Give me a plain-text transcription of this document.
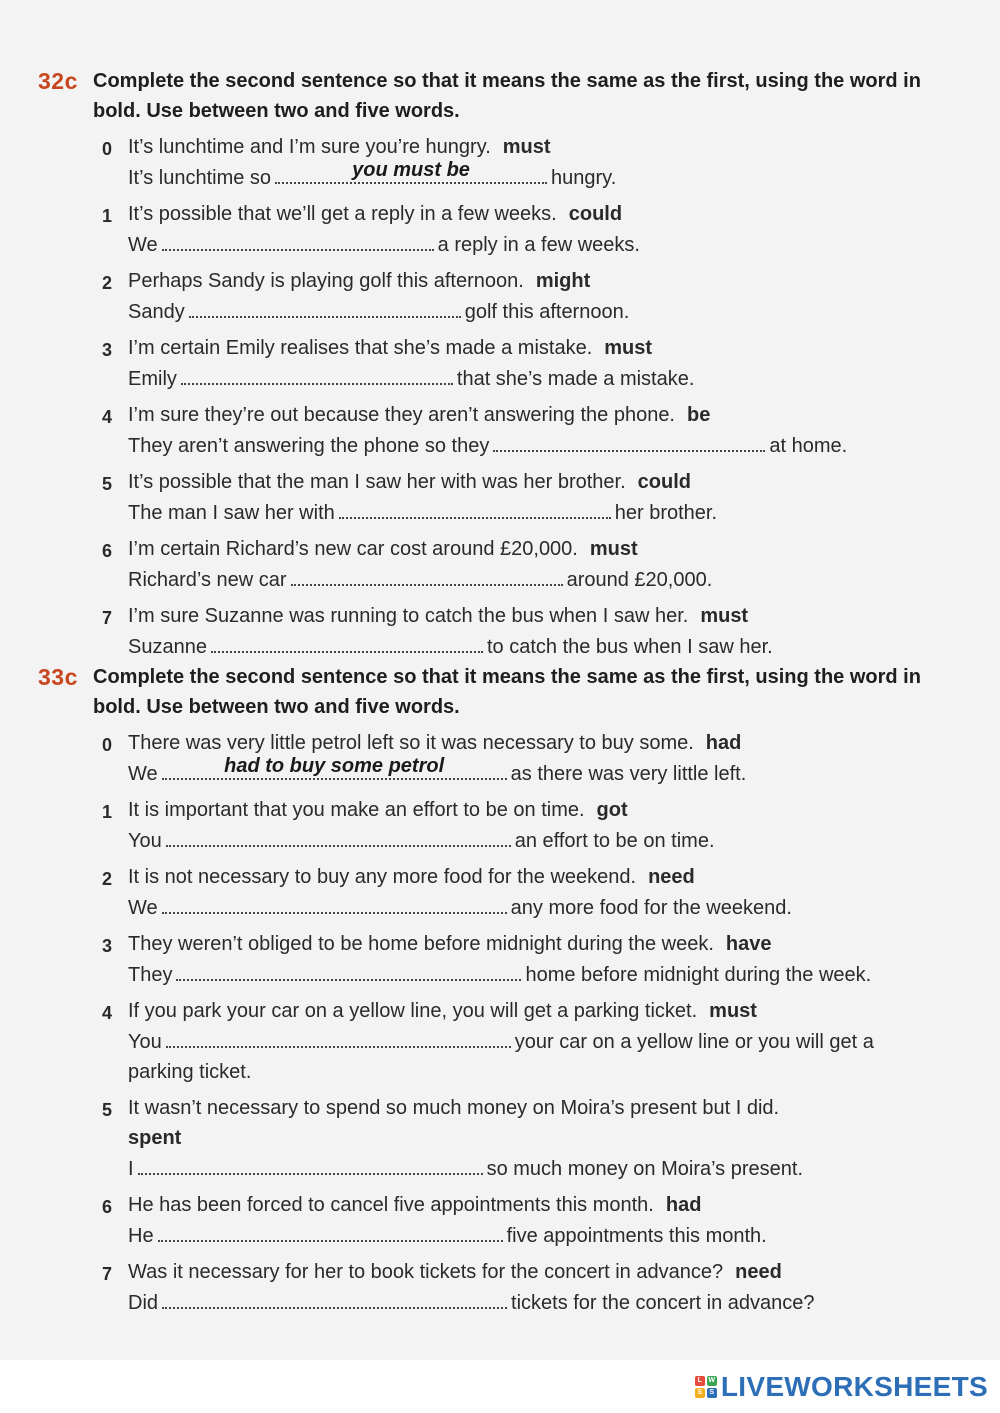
32c Complete the second sentence so that it means the same as the first, using the word in bold. Use between two and five words.
0 It’s lunchtime and I’m sure you’re hungry. must
It’s lunchtime so	you must be	hungry.
1 It’s possible that we’ll get a reply in a few weeks. could
We	a reply in a few weeks.
2 Perhaps Sandy is playing golf this afternoon. might
Sandy	golf this afternoon.
3 I’m certain Emily realises that she’s made a mistake. must
Emily	that she’s made a mistake.
4 I’m sure they’re out because they aren’t answering the phone. be
They aren’t answering the phone so they	at home.
5 It’s possible that the man I saw her with was her brother. could
The man I saw her with	her brother.
6 I’m certain Richard’s new car cost around £20,000. must
Richard’s new car	around £20,000.
7 I’m sure Suzanne was running to catch the bus when I saw her. must
Suzanne	to catch the bus when I saw her.
33c Complete the second sentence so that it means the same as the first, using the word in bold. Use between two and five words.
0 There was very little petrol left so it was necessary to buy some. had
We	had to buy some petrol	as there was very little left.
1 It is important that you make an effort to be on time. got
You	an effort to be on time.
2 It is not necessary to buy any more food for the weekend. need
We	any more food for the weekend.
3 They weren’t obliged to be home before midnight during the week. have
They	home before midnight during the week.
4 If you park your car on a yellow line, you will get a parking ticket. must
You	your car on a yellow line or you will get a parking ticket.
5 It wasn’t necessary to spend so much money on Moira’s present but I did.
spent
I	so much money on Moira’s present.
6 He has been forced to cancel five appointments this month. had
He	five appointments this month.
7 Was it necessary for her to book tickets for the concert in advance? need
Did	tickets for the concert in advance?
L W
S	S LIVEWORKSHEETS
